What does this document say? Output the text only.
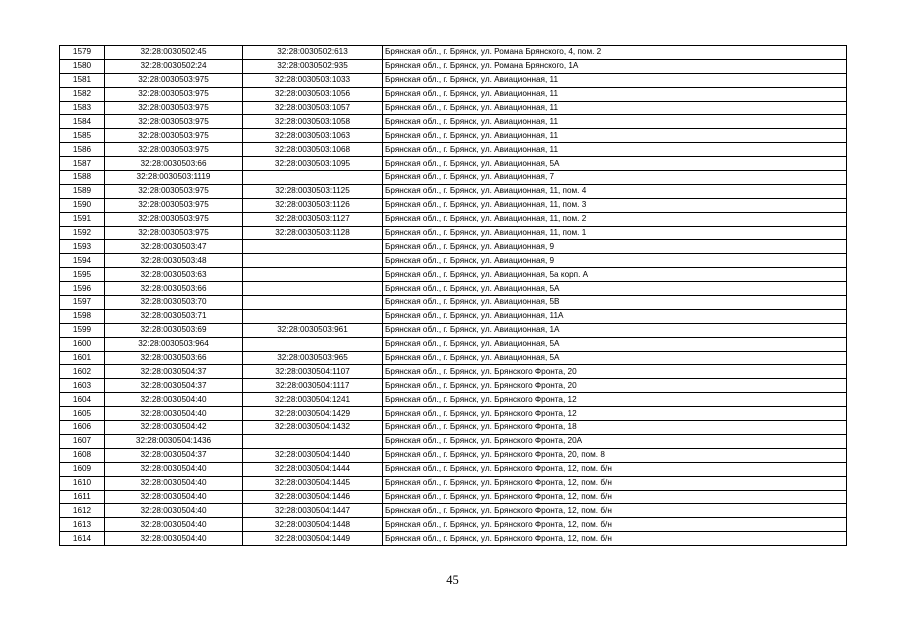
1579	32:28:0030502:45	32:28:0030502:613	Брянская обл., г. Брянск, ул. Романа Брянского, 4, пом. 2
1580	32:28:0030502:24	32:28:0030502:935	Брянская обл., г. Брянск, ул. Романа Брянского, 1А
1581	32:28:0030503:975	32:28:0030503:1033	Брянская обл., г. Брянск, ул. Авиационная, 11
1582	32:28:0030503:975	32:28:0030503:1056	Брянская обл., г. Брянск, ул. Авиационная, 11
1583	32:28:0030503:975	32:28:0030503:1057	Брянская обл., г. Брянск, ул. Авиационная, 11
1584	32:28:0030503:975	32:28:0030503:1058	Брянская обл., г. Брянск, ул. Авиационная, 11
1585	32:28:0030503:975	32:28:0030503:1063	Брянская обл., г. Брянск, ул. Авиационная, 11
1586	32:28:0030503:975	32:28:0030503:1068	Брянская обл., г. Брянск, ул. Авиационная, 11
1587	32:28:0030503:66	32:28:0030503:1095	Брянская обл., г. Брянск, ул. Авиационная, 5А
1588	32:28:0030503:1119		Брянская обл., г. Брянск, ул. Авиационная, 7
1589	32:28:0030503:975	32:28:0030503:1125	Брянская обл., г. Брянск, ул. Авиационная, 11, пом. 4
1590	32:28:0030503:975	32:28:0030503:1126	Брянская обл., г. Брянск, ул. Авиационная, 11, пом. 3
1591	32:28:0030503:975	32:28:0030503:1127	Брянская обл., г. Брянск, ул. Авиационная, 11, пом. 2
1592	32:28:0030503:975	32:28:0030503:1128	Брянская обл., г. Брянск, ул. Авиационная, 11, пом. 1
1593	32:28:0030503:47		Брянская обл., г. Брянск, ул. Авиационная, 9
1594	32:28:0030503:48		Брянская обл., г. Брянск, ул. Авиационная, 9
1595	32:28:0030503:63		Брянская обл., г. Брянск, ул. Авиационная, 5а корп. А
1596	32:28:0030503:66		Брянская обл., г. Брянск, ул. Авиационная, 5А
1597	32:28:0030503:70		Брянская обл., г. Брянск, ул. Авиационная, 5В
1598	32:28:0030503:71		Брянская обл., г. Брянск, ул. Авиационная, 11А
1599	32:28:0030503:69	32:28:0030503:961	Брянская обл., г. Брянск, ул. Авиационная, 1А
1600	32:28:0030503:964		Брянская обл., г. Брянск, ул. Авиационная, 5А
1601	32:28:0030503:66	32:28:0030503:965	Брянская обл., г. Брянск, ул. Авиационная, 5А
1602	32:28:0030504:37	32:28:0030504:1107	Брянская обл., г. Брянск, ул. Брянского Фронта, 20
1603	32:28:0030504:37	32:28:0030504:1117	Брянская обл., г. Брянск, ул. Брянского Фронта, 20
1604	32:28:0030504:40	32:28:0030504:1241	Брянская обл., г. Брянск, ул. Брянского Фронта, 12
1605	32:28:0030504:40	32:28:0030504:1429	Брянская обл., г. Брянск, ул. Брянского Фронта, 12
1606	32:28:0030504:42	32:28:0030504:1432	Брянская обл., г. Брянск, ул. Брянского Фронта, 18
1607	32:28:0030504:1436		Брянская обл., г. Брянск, ул. Брянского Фронта, 20А
1608	32:28:0030504:37	32:28:0030504:1440	Брянская обл., г. Брянск, ул. Брянского Фронта, 20, пом. 8
1609	32:28:0030504:40	32:28:0030504:1444	Брянская обл., г. Брянск, ул. Брянского Фронта, 12, пом. б/н
1610	32:28:0030504:40	32:28:0030504:1445	Брянская обл., г. Брянск, ул. Брянского Фронта, 12, пом. б/н
1611	32:28:0030504:40	32:28:0030504:1446	Брянская обл., г. Брянск, ул. Брянского Фронта, 12, пом. б/н
1612	32:28:0030504:40	32:28:0030504:1447	Брянская обл., г. Брянск, ул. Брянского Фронта, 12, пом. б/н
1613	32:28:0030504:40	32:28:0030504:1448	Брянская обл., г. Брянск, ул. Брянского Фронта, 12, пом. б/н
1614	32:28:0030504:40	32:28:0030504:1449	Брянская обл., г. Брянск, ул. Брянского Фронта, 12, пом. б/н
45
